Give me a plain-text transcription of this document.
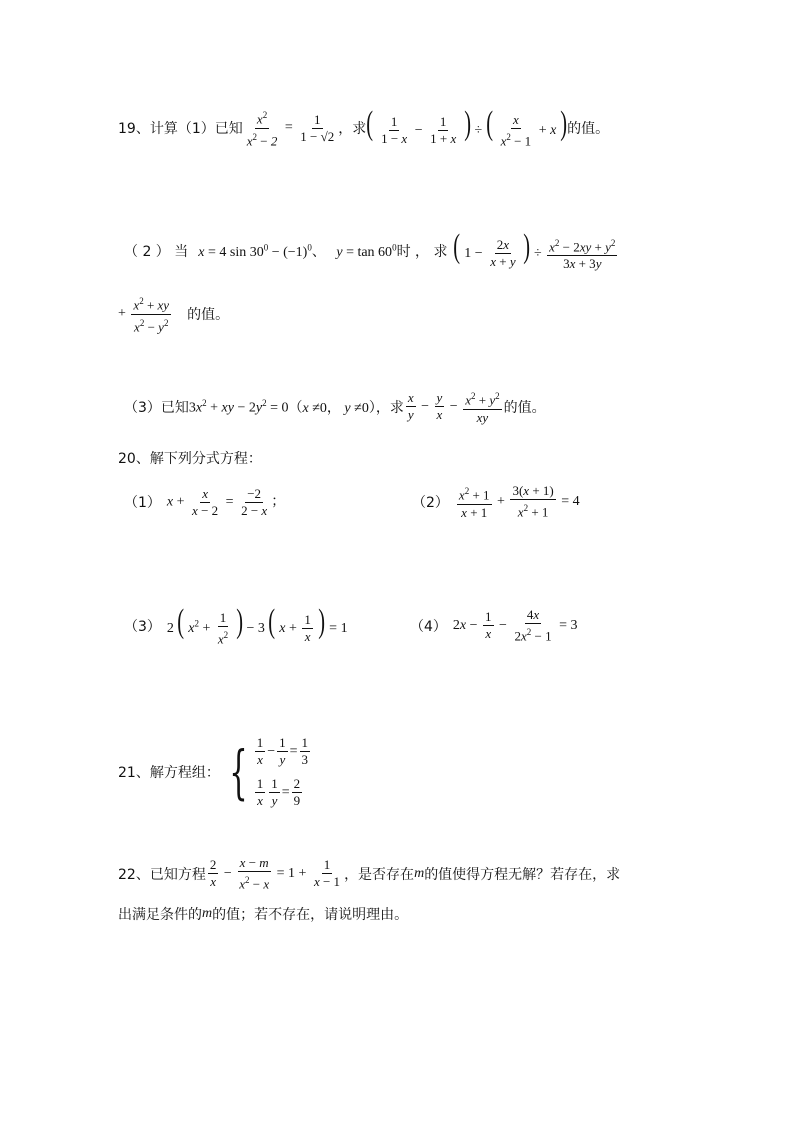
19、计算（1）已知 $\frac{x^2}{x^2 - 2} = \frac{1}{1 - √2}$ ，求 ( $\frac{1}{1 - x} - \frac{1}{1 + x}$ ) ÷ ( $\frac{x}{x^2 - 1} + x$ ) 的值。
（ 2 ） 当 x = 4 $\sin 30^0 - (-1)^0$、   $y = \tan 60^0$ 时 ， 求 ( $1 - \frac{2x}{x + y}$ ) ÷ $\frac{x^2 - 2xy + y^2}{3x + 3y}$
+ $\frac{x^2 + xy}{x^2 - y^2}$ 的值。
（3）已知 $3x^2$ + xy − $2y^2 = 0$ （ x ≠0， y ≠0 ），求 $\frac{x}{y} - \frac{y}{x} - \frac{x^2 + y^2}{xy}$ 的值。
20、解下列分式方程：
（1） $x + \frac{x}{x - 2} = \frac{-2}{2 - x}$ ；	$(2) \frac{x^2 + 1}{x + 1} + \frac{3(x + 1)}{x^2 + 1} = 4$
（3） 2 ( $x^2 + \frac{1}{x^2}$ ) − 3 ( $x + \frac{1}{x}$ ) = 1	（4） $2x - \frac{1}{x} - \frac{4x}{2x^2 - 1} = 3$
21、解方程组： { $\frac{1}{x} - \frac{1}{y} = \frac{1}{3}$
$\frac{1}{x} \frac{1}{y} = \frac{2}{9}$
22、已知方程 $\frac{2}{x} - \frac{x - m}{x^2 - x} = 1 + \frac{1}{x - 1}$ ，是否存在 m 的值使得方程无解？若存在，求
出满足条件的 m 的值；若不存在，请说明理由。
